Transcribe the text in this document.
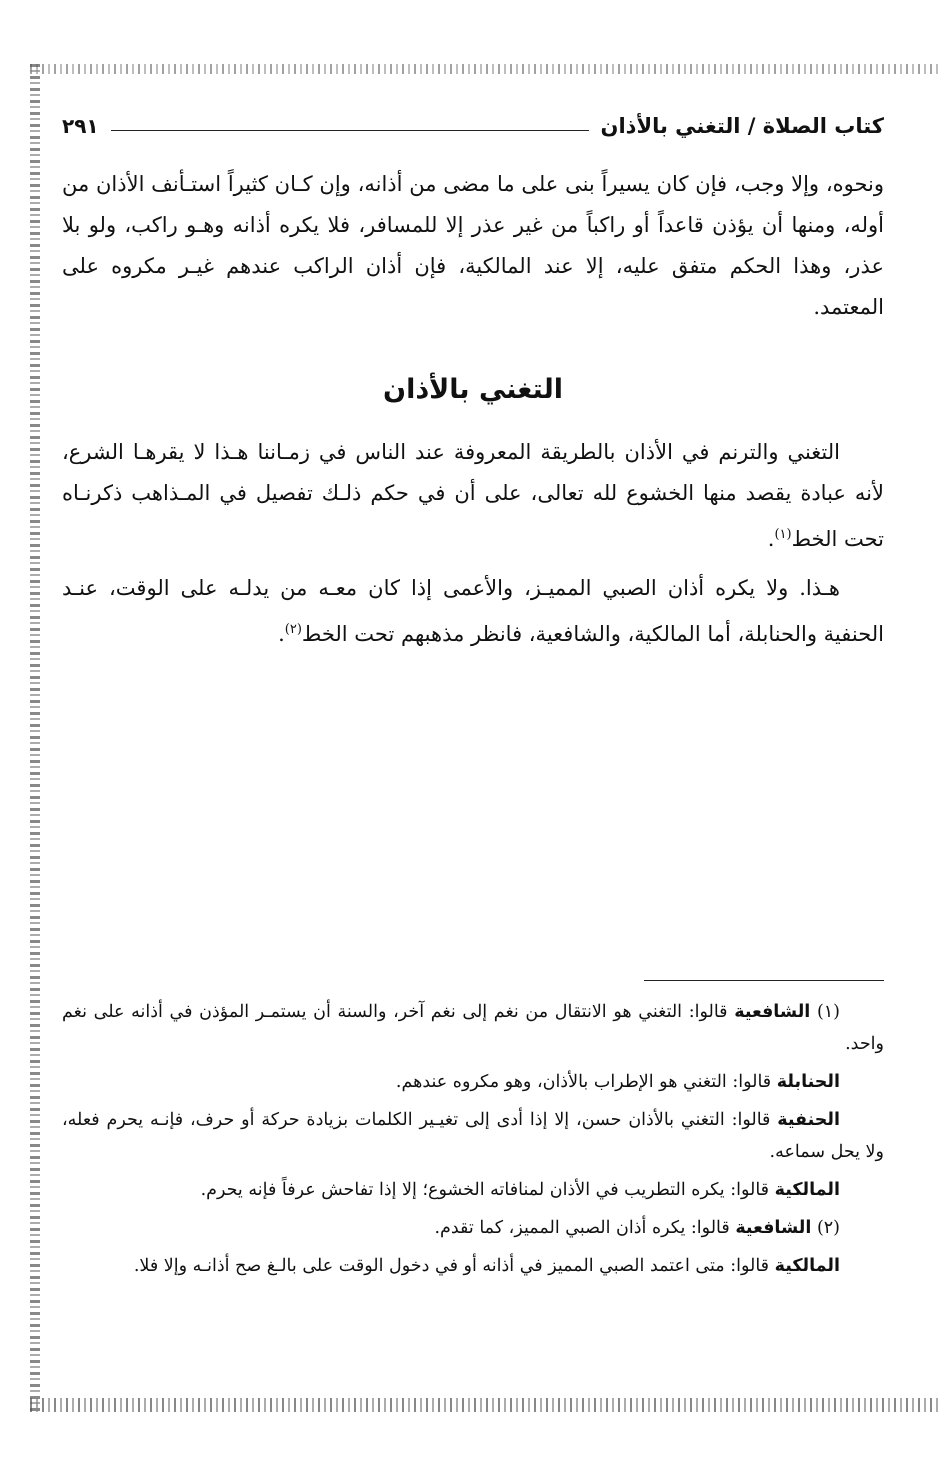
كتاب الصلاة / التغني بالأذان
٢٩١

ونحوه، وإلا وجب، فإن كان يسيراً بنى على ما مضى من أذانه، وإن كـان كثيراً استـأنف الأذان من أوله، ومنها أن يؤذن قاعداً أو راكباً من غير عذر إلا للمسافر، فلا يكره أذانه وهـو راكب، ولو بلا عذر، وهذا الحكم متفق عليه، إلا عند المالكية، فإن أذان الراكب عندهم غيـر مكروه على المعتمد.

التغني بالأذان

التغني والترنم في الأذان بالطريقة المعروفة عند الناس في زمـاننا هـذا لا يقرهـا الشرع، لأنه عبادة يقصد منها الخشوع لله تعالى، على أن في حكم ذلـك تفصيل في المـذاهب ذكرنـاه تحت الخط$^{(١)}$.

هـذا. ولا يكره أذان الصبي المميـز، والأعمى إذا كان معـه من يدلـه على الوقت، عنـد الحنفية والحنابلة، أما المالكية، والشافعية، فانظر مذهبهم تحت الخط$^{(٢)}$.

(١) الشافعية قالوا: التغني هو الانتقال من نغم إلى نغم آخر، والسنة أن يستمـر المؤذن في أذانه على نغم واحد.

الحنابلة قالوا: التغني هو الإطراب بالأذان، وهو مكروه عندهم.

الحنفية قالوا: التغني بالأذان حسن، إلا إذا أدى إلى تغيـير الكلمات بزيادة حركة أو حرف، فإنـه يحرم فعله، ولا يحل سماعه.

المالكية قالوا: يكره التطريب في الأذان لمنافاته الخشوع؛ إلا إذا تفاحش عرفاً فإنه يحرم.

(٢) الشافعية قالوا: يكره أذان الصبي المميز، كما تقدم.

المالكية قالوا: متى اعتمد الصبي المميز في أذانه أو في دخول الوقت على بالـغ صح أذانـه وإلا فلا.
